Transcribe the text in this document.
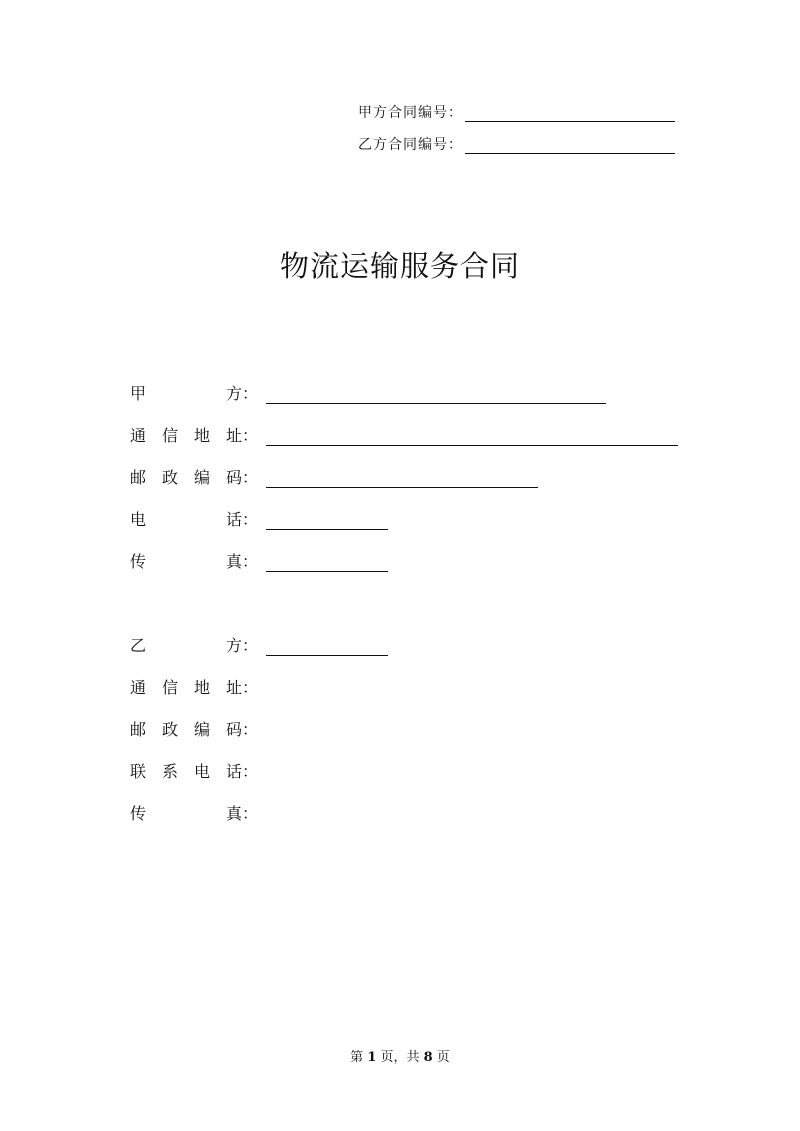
甲方合同编号：
乙方合同编号：
物流运输服务合同
甲	方 ：
通 信 地 址 ：
邮 政 编 码 ：
电	话 ：
传	真 ：
乙	方 ：
通 信 地 址 ：
邮 政 编 码 ：
联 系 电 话 ：
传	真 ：
第 1 页，共 8 页
